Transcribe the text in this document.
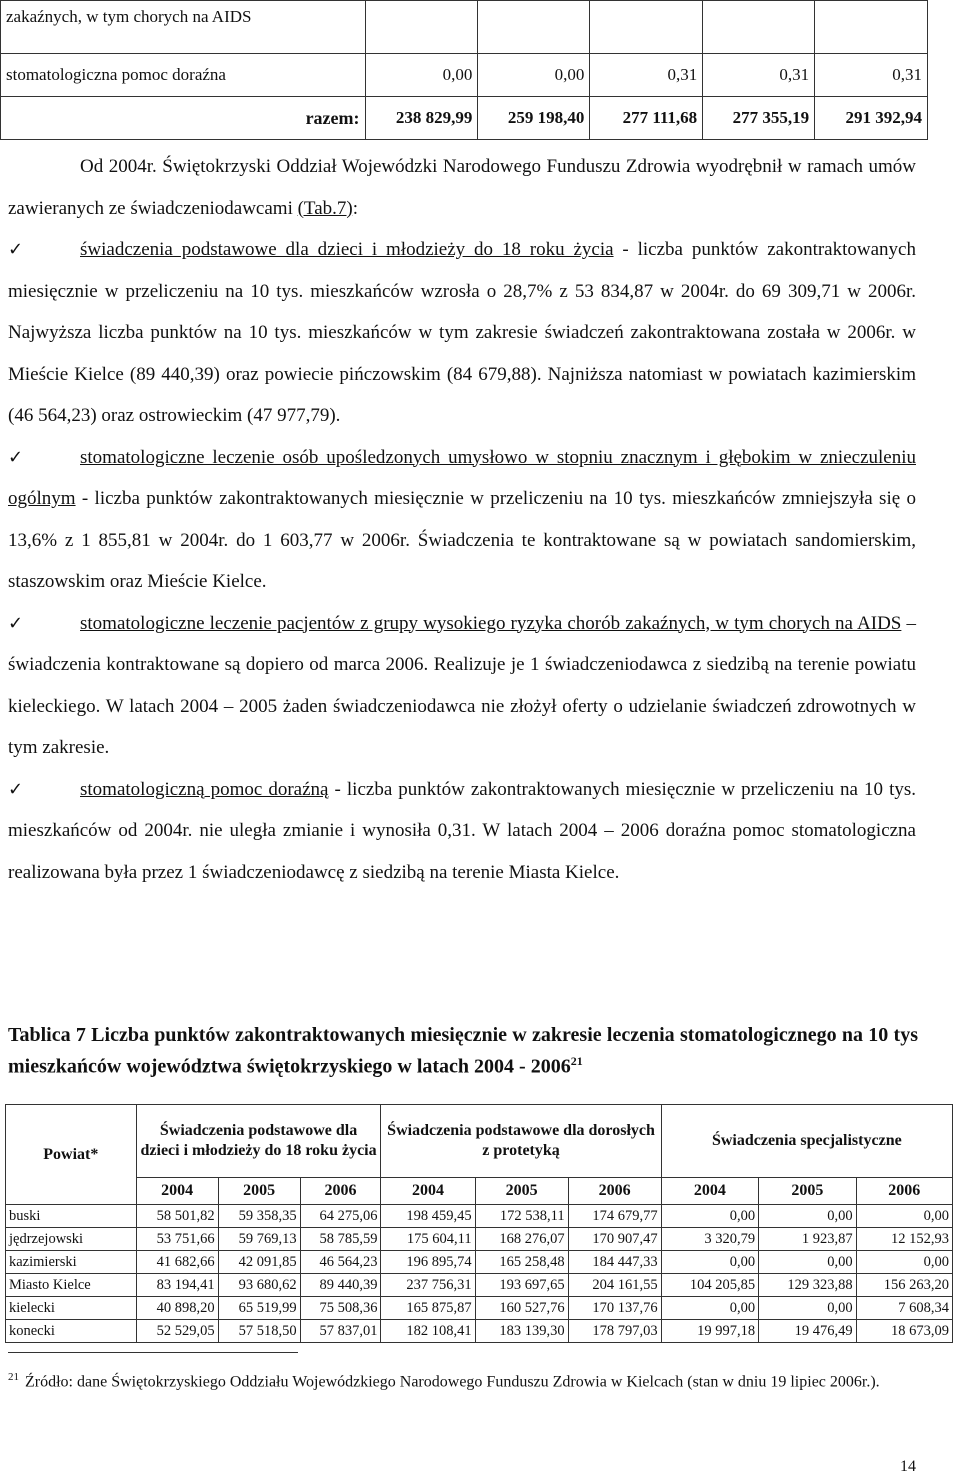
zakaźnych, w tym chorych na AIDS					
stomatologiczna pomoc doraźna	0,00	0,00	0,31	0,31	0,31
razem:	238 829,99	259 198,40	277 111,68	277 355,19	291 392,94

Od 2004r. Świętokrzyski Oddział Wojewódzki Narodowego Funduszu Zdrowia wyodrębnił w ramach umów zawieranych ze świadczeniodawcami (Tab.7):

✓	świadczenia podstawowe dla dzieci i młodzieży do 18 roku życia - liczba punktów zakontraktowanych miesięcznie w przeliczeniu na 10 tys. mieszkańców wzrosła o 28,7% z 53 834,87 w 2004r. do 69 309,71 w 2006r. Najwyższa liczba punktów na 10 tys. mieszkańców w tym zakresie świadczeń zakontraktowana została w 2006r. w Mieście Kielce (89 440,39) oraz powiecie pińczowskim (84 679,88). Najniższa natomiast w powiatach kazimierskim (46 564,23) oraz ostrowieckim (47 977,79).

✓	stomatologiczne leczenie osób upośledzonych umysłowo w stopniu znacznym i głębokim w znieczuleniu ogólnym - liczba punktów zakontraktowanych miesięcznie w przeliczeniu na 10 tys. mieszkańców zmniejszyła się o 13,6% z 1 855,81 w 2004r. do 1 603,77 w 2006r. Świadczenia te kontraktowane są w powiatach sandomierskim, staszowskim oraz Mieście Kielce.

✓	stomatologiczne leczenie pacjentów z grupy wysokiego ryzyka chorób zakaźnych, w tym chorych na AIDS – świadczenia kontraktowane są dopiero od marca 2006. Realizuje je 1 świadczeniodawca z siedzibą na terenie powiatu kieleckiego. W latach 2004 – 2005 żaden świadczeniodawca nie złożył oferty o udzielanie świadczeń zdrowotnych w tym zakresie.

✓	stomatologiczną pomoc doraźną - liczba punktów zakontraktowanych miesięcznie w przeliczeniu na 10 tys. mieszkańców od 2004r. nie uległa zmianie i wynosiła 0,31. W latach 2004 – 2006 doraźna pomoc stomatologiczna realizowana była przez 1 świadczeniodawcę z siedzibą na terenie Miasta Kielce.

Tablica 7 Liczba punktów zakontraktowanych miesięcznie w zakresie leczenia stomatologicznego na 10 tys mieszkańców województwa świętokrzyskiego w latach 2004 - 2006$^{21}$
Powiat*	Świadczenia podstawowe dla dzieci i młodzieży do 18 roku życia			Świadczenia podstawowe dla dorosłych z protetyką			Świadczenia specjalistyczne		
	2004	2005	2006	2004	2005	2006	2004	2005	2006
buski	58 501,82	59 358,35	64 275,06	198 459,45	172 538,11	174 679,77	0,00	0,00	0,00
jędrzejowski	53 751,66	59 769,13	58 785,59	175 604,11	168 276,07	170 907,47	3 320,79	1 923,87	12 152,93
kazimierski	41 682,66	42 091,85	46 564,23	196 895,74	165 258,48	184 447,33	0,00	0,00	0,00
Miasto Kielce	83 194,41	93 680,62	89 440,39	237 756,31	193 697,65	204 161,55	104 205,85	129 323,88	156 263,20
kielecki	40 898,20	65 519,99	75 508,36	165 875,87	160 527,76	170 137,76	0,00	0,00	7 608,34
konecki	52 529,05	57 518,50	57 837,01	182 108,41	183 139,30	178 797,03	19 997,18	19 476,49	18 673,09
$^{21}$ Źródło: dane Świętokrzyskiego Oddziału Wojewódzkiego Narodowego Funduszu Zdrowia w Kielcach (stan w dniu 19 lipiec 2006r.).
14
